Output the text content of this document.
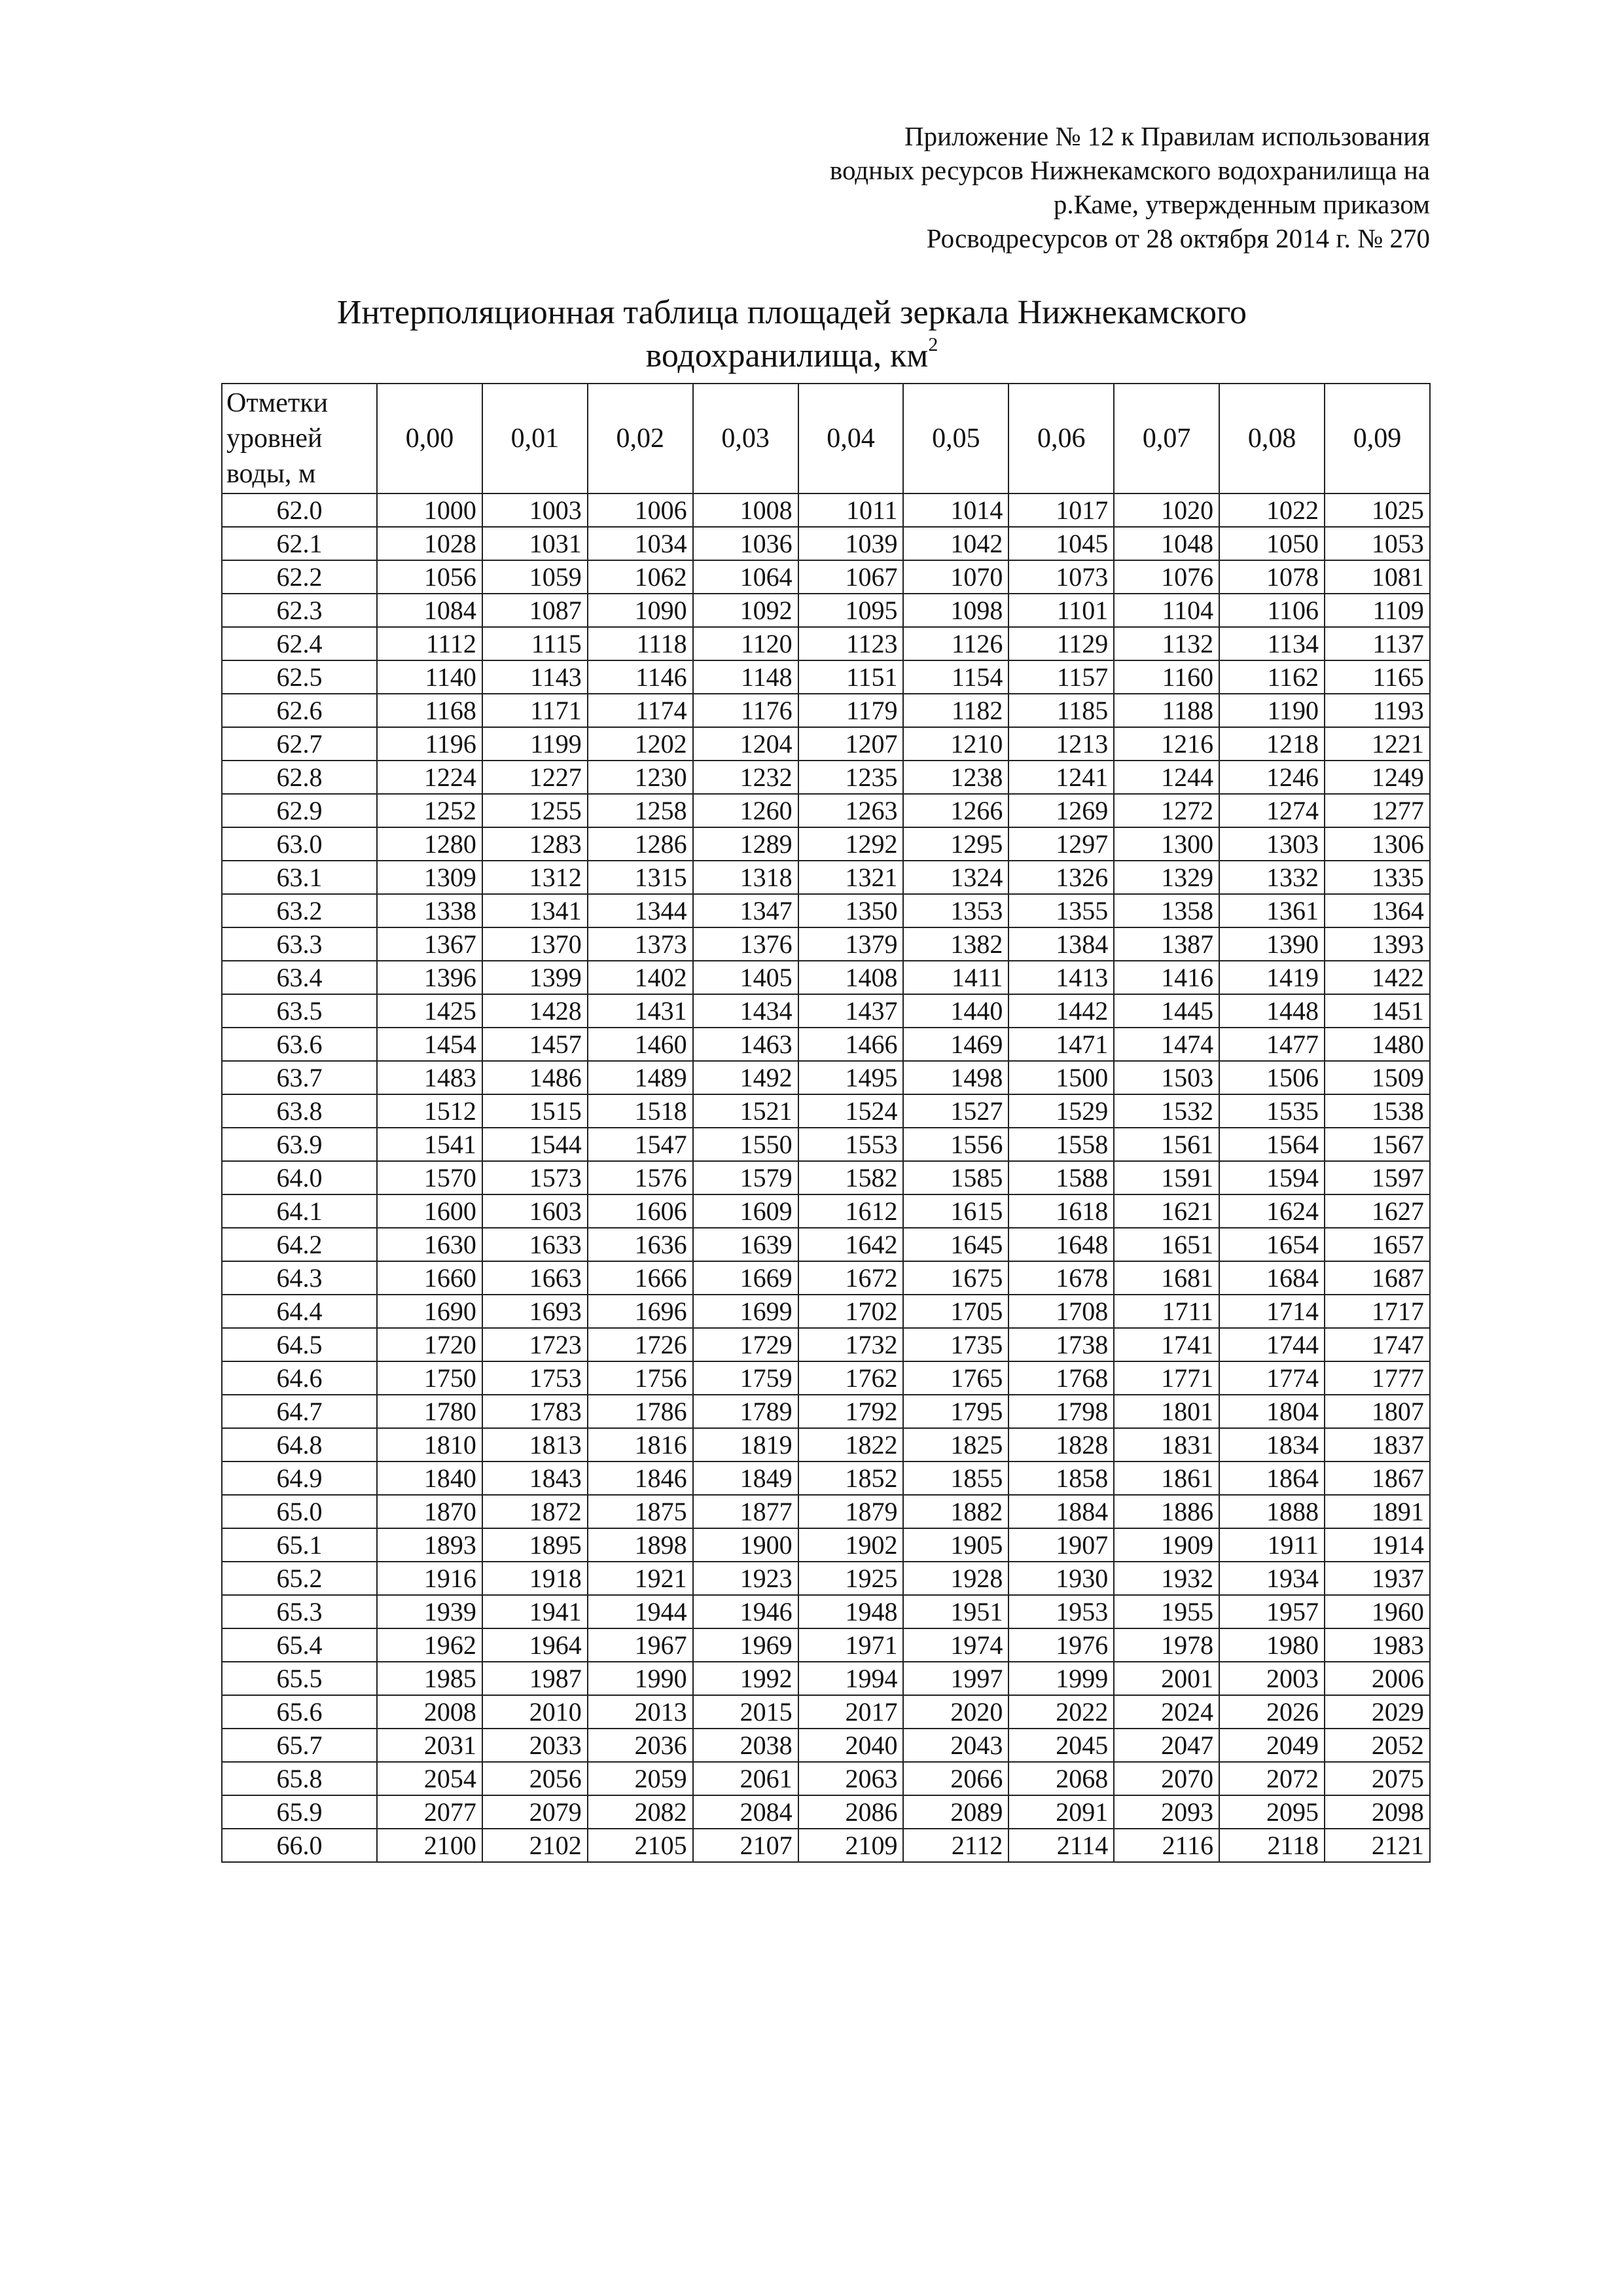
Приложение № 12 к Правилам использования
водных ресурсов Нижнекамского водохранилища на
р.Каме, утвержденным приказом
Росводресурсов от 28 октября 2014 г. № 270
Интерполяционная таблица площадей зеркала Нижнекамского
водохранилища, $км^2$
Отметки
уровней
воды, м	0,00	0,01	0,02	0,03	0,04	0,05	0,06	0,07	0,08	0,09
62.0	1000	1003	1006	1008	1011	1014	1017	1020	1022	1025
62.1	1028	1031	1034	1036	1039	1042	1045	1048	1050	1053
62.2	1056	1059	1062	1064	1067	1070	1073	1076	1078	1081
62.3	1084	1087	1090	1092	1095	1098	1101	1104	1106	1109
62.4	1112	1115	1118	1120	1123	1126	1129	1132	1134	1137
62.5	1140	1143	1146	1148	1151	1154	1157	1160	1162	1165
62.6	1168	1171	1174	1176	1179	1182	1185	1188	1190	1193
62.7	1196	1199	1202	1204	1207	1210	1213	1216	1218	1221
62.8	1224	1227	1230	1232	1235	1238	1241	1244	1246	1249
62.9	1252	1255	1258	1260	1263	1266	1269	1272	1274	1277
63.0	1280	1283	1286	1289	1292	1295	1297	1300	1303	1306
63.1	1309	1312	1315	1318	1321	1324	1326	1329	1332	1335
63.2	1338	1341	1344	1347	1350	1353	1355	1358	1361	1364
63.3	1367	1370	1373	1376	1379	1382	1384	1387	1390	1393
63.4	1396	1399	1402	1405	1408	1411	1413	1416	1419	1422
63.5	1425	1428	1431	1434	1437	1440	1442	1445	1448	1451
63.6	1454	1457	1460	1463	1466	1469	1471	1474	1477	1480
63.7	1483	1486	1489	1492	1495	1498	1500	1503	1506	1509
63.8	1512	1515	1518	1521	1524	1527	1529	1532	1535	1538
63.9	1541	1544	1547	1550	1553	1556	1558	1561	1564	1567
64.0	1570	1573	1576	1579	1582	1585	1588	1591	1594	1597
64.1	1600	1603	1606	1609	1612	1615	1618	1621	1624	1627
64.2	1630	1633	1636	1639	1642	1645	1648	1651	1654	1657
64.3	1660	1663	1666	1669	1672	1675	1678	1681	1684	1687
64.4	1690	1693	1696	1699	1702	1705	1708	1711	1714	1717
64.5	1720	1723	1726	1729	1732	1735	1738	1741	1744	1747
64.6	1750	1753	1756	1759	1762	1765	1768	1771	1774	1777
64.7	1780	1783	1786	1789	1792	1795	1798	1801	1804	1807
64.8	1810	1813	1816	1819	1822	1825	1828	1831	1834	1837
64.9	1840	1843	1846	1849	1852	1855	1858	1861	1864	1867
65.0	1870	1872	1875	1877	1879	1882	1884	1886	1888	1891
65.1	1893	1895	1898	1900	1902	1905	1907	1909	1911	1914
65.2	1916	1918	1921	1923	1925	1928	1930	1932	1934	1937
65.3	1939	1941	1944	1946	1948	1951	1953	1955	1957	1960
65.4	1962	1964	1967	1969	1971	1974	1976	1978	1980	1983
65.5	1985	1987	1990	1992	1994	1997	1999	2001	2003	2006
65.6	2008	2010	2013	2015	2017	2020	2022	2024	2026	2029
65.7	2031	2033	2036	2038	2040	2043	2045	2047	2049	2052
65.8	2054	2056	2059	2061	2063	2066	2068	2070	2072	2075
65.9	2077	2079	2082	2084	2086	2089	2091	2093	2095	2098
66.0	2100	2102	2105	2107	2109	2112	2114	2116	2118	2121
